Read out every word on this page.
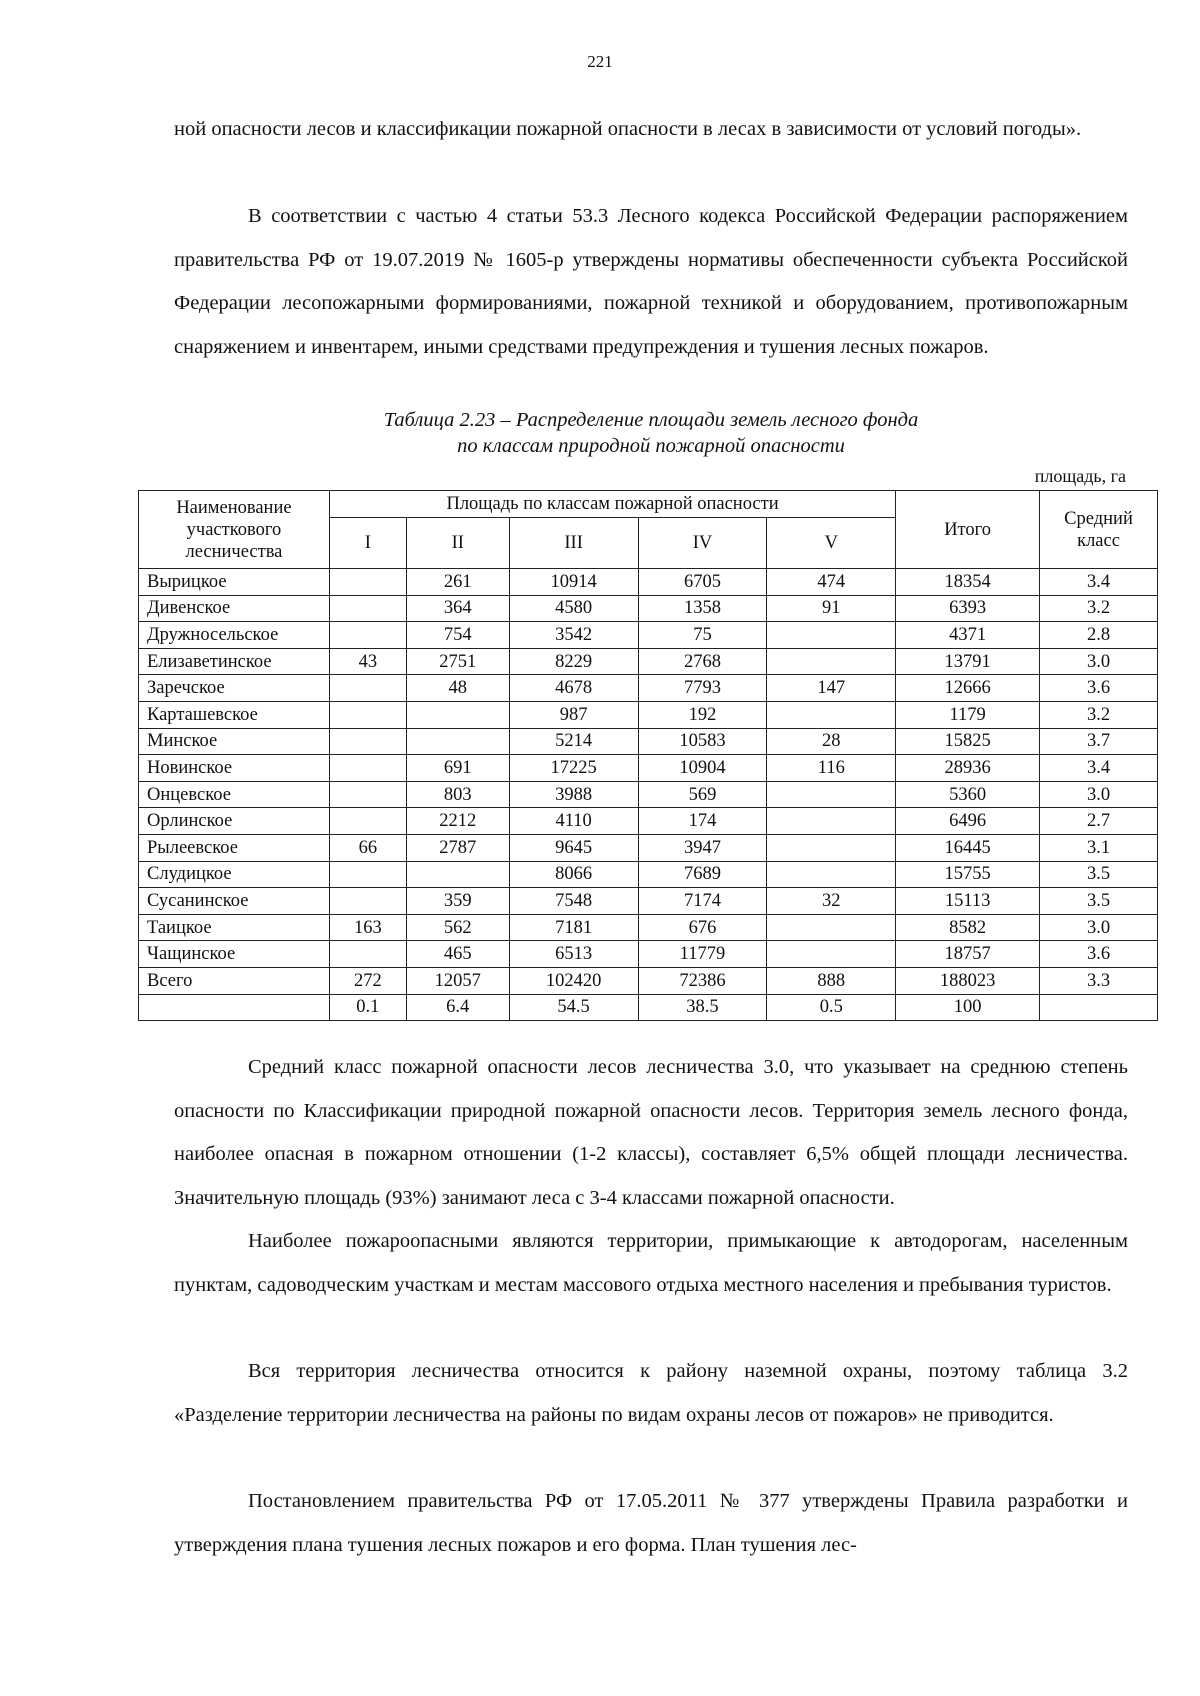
221

ной опасности лесов и классификации пожарной опасности в лесах в зависимости от условий погоды».

В соответствии с частью 4 статьи 53.3 Лесного кодекса Российской Федерации распоряжением правительства РФ от 19.07.2019 № 1605-р утверждены нормативы обеспеченности субъекта Российской Федерации лесопожарными формированиями, пожарной техникой и оборудованием, противопожарным снаряжением и инвентарем, иными средствами предупреждения и тушения лесных пожаров.

Таблица 2.23 – Распределение площади земель лесного фонда
по классам природной пожарной опасности
площадь, га
Наименование участкового лесничества	Площадь по классам пожарной опасности					Итого	Средний класс
	I	II	III	IV	V		
Вырицкое		261	10914	6705	474	18354	3.4
Дивенское		364	4580	1358	91	6393	3.2
Дружносельское		754	3542	75		4371	2.8
Елизаветинское	43	2751	8229	2768		13791	3.0
Заречское		48	4678	7793	147	12666	3.6
Карташевское			987	192		1179	3.2
Минское			5214	10583	28	15825	3.7
Новинское		691	17225	10904	116	28936	3.4
Онцевское		803	3988	569		5360	3.0
Орлинское		2212	4110	174		6496	2.7
Рылеевское	66	2787	9645	3947		16445	3.1
Слудицкое			8066	7689		15755	3.5
Сусанинское		359	7548	7174	32	15113	3.5
Таицкое	163	562	7181	676		8582	3.0
Чащинское		465	6513	11779		18757	3.6
Всего	272	12057	102420	72386	888	188023	3.3
	0.1	6.4	54.5	38.5	0.5	100	

Средний класс пожарной опасности лесов лесничества 3.0, что указывает на среднюю степень опасности по Классификации природной пожарной опасности лесов. Территория земель лесного фонда, наиболее опасная в пожарном отношении (1-2 классы), составляет 6,5% общей площади лесничества. Значительную площадь (93%) занимают леса с 3-4 классами пожарной опасности.

Наиболее пожароопасными являются территории, примыкающие к автодорогам, населенным пунктам, садоводческим участкам и местам массового отдыха местного населения и пребывания туристов.

Вся территория лесничества относится к району наземной охраны, поэтому таблица 3.2 «Разделение территории лесничества на районы по видам охраны лесов от пожаров» не приводится.

Постановлением правительства РФ от 17.05.2011 № 377 утверждены Правила разработки и утверждения плана тушения лесных пожаров и его форма. План тушения лес-
